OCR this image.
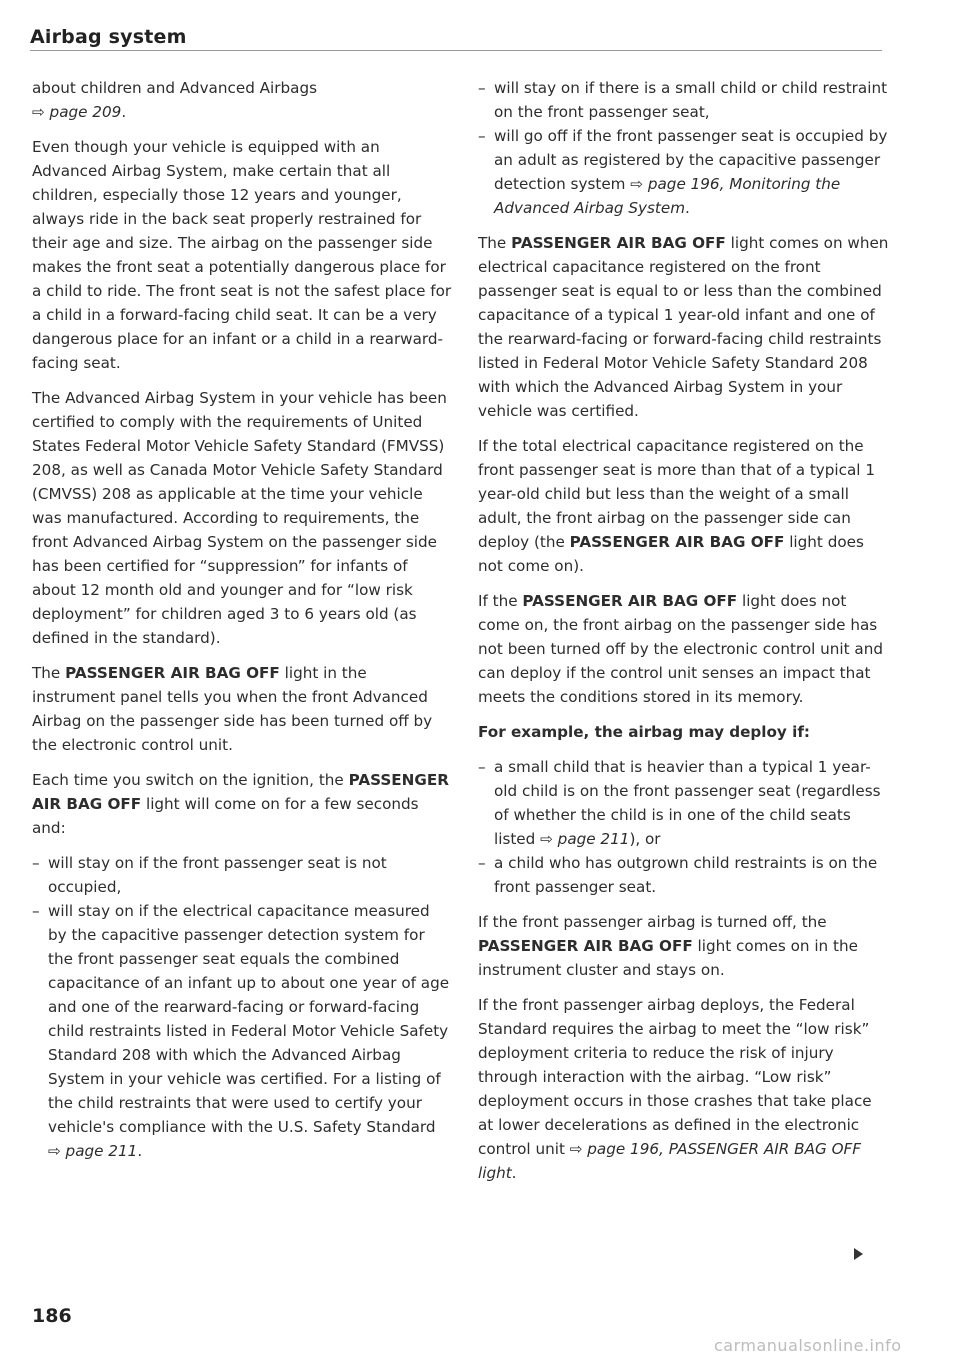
Airbag system

about children and Advanced Airbags
⇨ page 209.

Even though your vehicle is equipped with an Advanced Airbag System, make certain that all children, especially those 12 years and younger, always ride in the back seat properly restrained for their age and size. The airbag on the passenger side makes the front seat a potentially dangerous place for a child to ride. The front seat is not the safest place for a child in a forward-facing child seat. It can be a very dangerous place for an infant or a child in a rearward-facing seat.

The Advanced Airbag System in your vehicle has been certified to comply with the requirements of United States Federal Motor Vehicle Safety Standard (FMVSS) 208, as well as Canada Motor Vehicle Safety Standard (CMVSS) 208 as applicable at the time your vehicle was manufactured. According to requirements, the front Advanced Airbag System on the passenger side has been certified for “suppression” for infants of about 12 month old and younger and for “low risk deployment” for children aged 3 to 6 years old (as defined in the standard).

The PASSENGER AIR BAG OFF light in the instrument panel tells you when the front Advanced Airbag on the passenger side has been turned off by the electronic control unit.

Each time you switch on the ignition, the PASSENGER AIR BAG OFF light will come on for a few seconds and:

– will stay on if the front passenger seat is not occupied,
– will stay on if the electrical capacitance measured by the capacitive passenger detection system for the front passenger seat equals the combined capacitance of an infant up to about one year of age and one of the rearward-facing or forward-facing child restraints listed in Federal Motor Vehicle Safety Standard 208 with which the Advanced Airbag System in your vehicle was certified. For a listing of the child restraints that were used to certify your vehicle's compliance with the U.S. Safety Standard
⇨ page 211.
– will stay on if there is a small child or child restraint on the front passenger seat,
– will go off if the front passenger seat is occupied by an adult as registered by the capacitive passenger detection system ⇨ page 196, Monitoring the Advanced Airbag System.

The PASSENGER AIR BAG OFF light comes on when electrical capacitance registered on the front passenger seat is equal to or less than the combined capacitance of a typical 1 year-old infant and one of the rearward-facing or forward-facing child restraints listed in Federal Motor Vehicle Safety Standard 208 with which the Advanced Airbag System in your vehicle was certified.

If the total electrical capacitance registered on the front passenger seat is more than that of a typical 1 year-old child but less than the weight of a small adult, the front airbag on the passenger side can deploy (the PASSENGER AIR BAG OFF light does not come on).

If the PASSENGER AIR BAG OFF light does not come on, the front airbag on the passenger side has not been turned off by the electronic control unit and can deploy if the control unit senses an impact that meets the conditions stored in its memory.

For example, the airbag may deploy if:

– a small child that is heavier than a typical 1 year-old child is on the front passenger seat (regardless of whether the child is in one of the child seats listed ⇨ page 211), or
– a child who has outgrown child restraints is on the front passenger seat.

If the front passenger airbag is turned off, the PASSENGER AIR BAG OFF light comes on in the instrument cluster and stays on.

If the front passenger airbag deploys, the Federal Standard requires the airbag to meet the “low risk” deployment criteria to reduce the risk of injury through interaction with the airbag. “Low risk” deployment occurs in those crashes that take place at lower decelerations as defined in the electronic control unit ⇨ page 196, PASSENGER AIR BAG OFF light.

186
carmanualsonline.info
